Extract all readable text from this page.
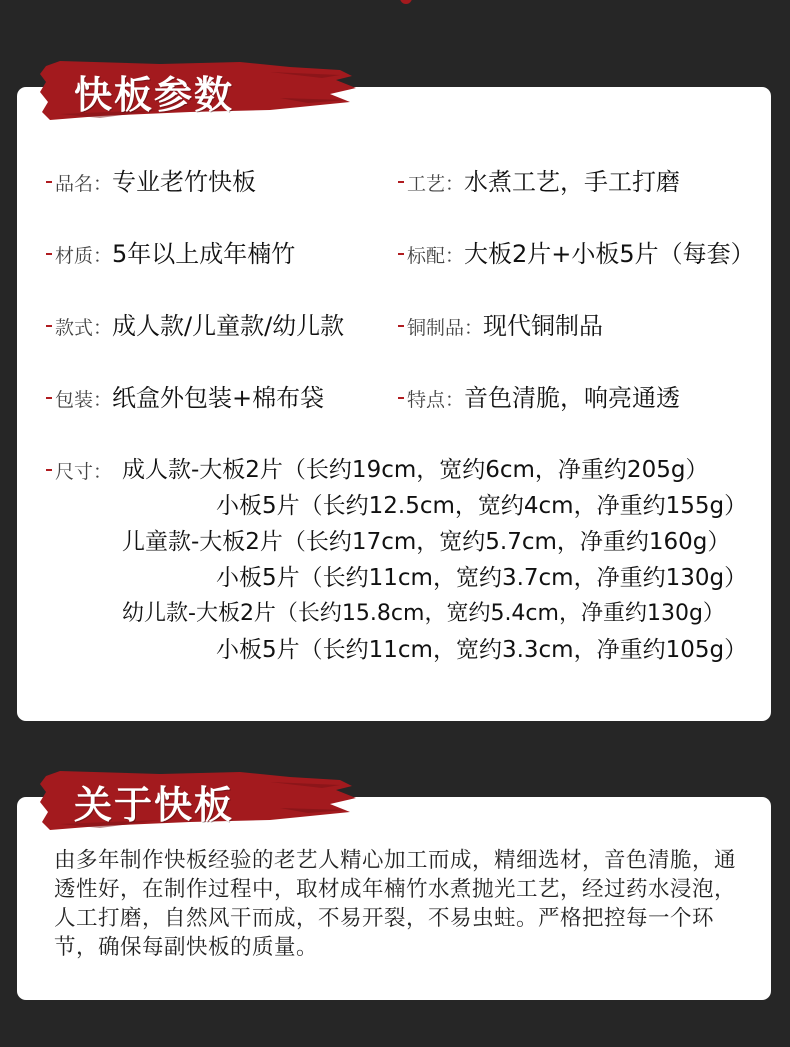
快板参数
品名：专业老竹快板	工艺：水煮工艺，手工打磨
材质：5年以上成年楠竹	标配：大板2片+小板5片（每套）
款式：成人款/儿童款/幼儿款	铜制品：现代铜制品
包装：纸盒外包装+棉布袋	特点：音色清脆，响亮通透
尺寸： 成人款-大板2片（长约19cm，宽约6cm，净重约205g）
小板5片（长约12.5cm，宽约4cm，净重约155g）
儿童款-大板2片（长约17cm，宽约5.7cm，净重约160g）
小板5片（长约11cm，宽约3.7cm，净重约130g）
幼儿款-大板2片（长约15.8cm，宽约5.4cm，净重约130g）
小板5片（长约11cm，宽约3.3cm，净重约105g）
关于快板
由多年制作快板经验的老艺人精心加工而成，精细选材，音色清脆，通透性好，在制作过程中，取材成年楠竹水煮抛光工艺，经过药水浸泡，人工打磨，自然风干而成，不易开裂，不易虫蛀。严格把控每一个环节，确保每副快板的质量。
